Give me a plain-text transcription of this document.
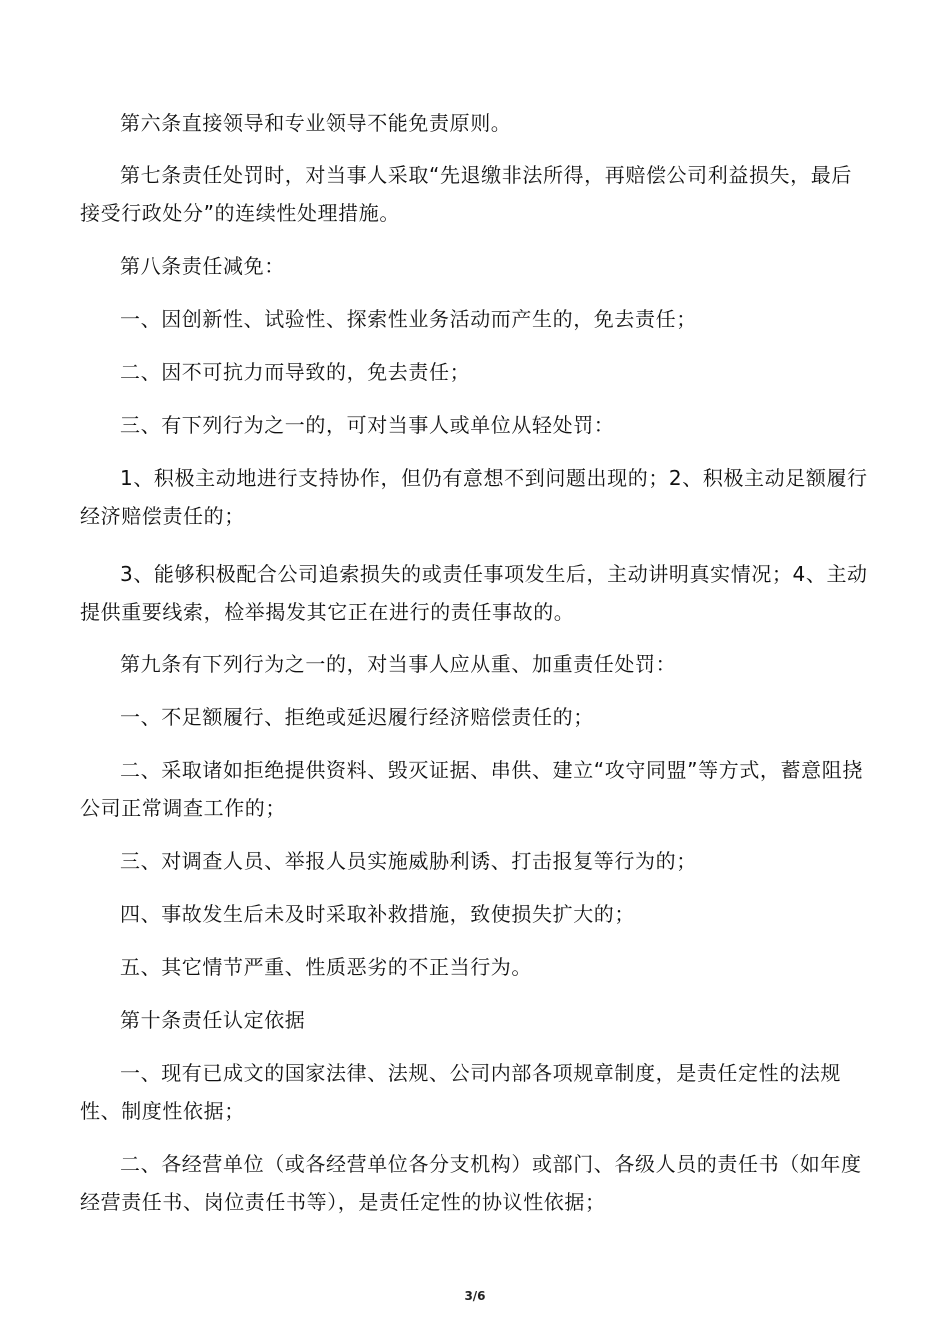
第六条直接领导和专业领导不能免责原则。

第七条责任处罚时，对当事人采取“先退缴非法所得，再赔偿公司利益损失，最后接受行政处分”的连续性处理措施。

第八条责任减免：

一、因创新性、试验性、探索性业务活动而产生的，免去责任；

二、因不可抗力而导致的，免去责任；

三、有下列行为之一的，可对当事人或单位从轻处罚：

1、积极主动地进行支持协作，但仍有意想不到问题出现的；2、积极主动足额履行经济赔偿责任的；

3、能够积极配合公司追索损失的或责任事项发生后，主动讲明真实情况；4、主动提供重要线索，检举揭发其它正在进行的责任事故的。

第九条有下列行为之一的，对当事人应从重、加重责任处罚：

一、不足额履行、拒绝或延迟履行经济赔偿责任的；

二、采取诸如拒绝提供资料、毁灭证据、串供、建立“攻守同盟”等方式，蓄意阻挠公司正常调查工作的；

三、对调查人员、举报人员实施威胁利诱、打击报复等行为的；

四、事故发生后未及时采取补救措施，致使损失扩大的；

五、其它情节严重、性质恶劣的不正当行为。

第十条责任认定依据

一、现有已成文的国家法律、法规、公司内部各项规章制度，是责任定性的法规性、制度性依据；

二、各经营单位（或各经营单位各分支机构）或部门、各级人员的责任书（如年度经营责任书、岗位责任书等），是责任定性的协议性依据；

3/6
